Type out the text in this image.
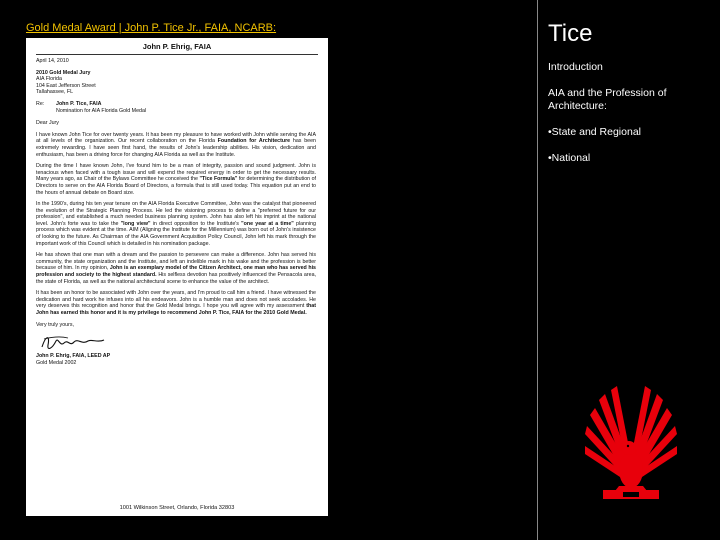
Gold Medal Award | John P. Tice Jr., FAIA, NCARB:
John P. Ehrig, FAIA

April 14, 2010

2010 Gold Medal Jury
AIA Florida
104 East Jefferson Street
Tallahassee, FL

Re:	John P. Tice, FAIA
Nomination for AIA Florida Gold Medal

Dear Jury

I have known John Tice for over twenty years. It has been my pleasure to have worked with John while serving the AIA at all levels of the organization. Our recent collaboration on the Florida Foundation for Architecture has been extremely rewarding. I have seen first hand, the results of John's leadership abilities. His vision, dedication and enthusiasm, has been a driving force for changing AIA Florida as well as the Institute.

During the time I have known John, I've found him to be a man of integrity, passion and sound judgment. John is tenacious when faced with a tough issue and will expend the required energy in order to get the necessary results. Many years ago, as Chair of the Bylaws Committee he conceived the "Tice Formula" for determining the distribution of Directors to serve on the AIA Florida Board of Directors, a formula that is still used today. This equation put an end to the hours of annual debate on Board size.

In the 1990's, during his ten year tenure on the AIA Florida Executive Committee, John was the catalyst that pioneered the evolution of the Strategic Planning Process. He led the visioning process to define a "preferred future for our profession", and established a much needed business planning system. John has also left his imprint at the national level. John's forte was to take the "long view" in direct opposition to the Institute's "one year at a time" planning process which was evident at the time. AIM (Aligning the Institute for the Millennium) was born out of John's insistence of looking to the future. As Chairman of the AIA Government Acquisition Policy Council, John left his mark through the important work of this Council which is detailed in his nomination package.

He has shown that one man with a dream and the passion to persevere can make a difference. John has served his community, the state organization and the Institute, and left an indelible mark in his wake and the profession is better because of him. In my opinion, John is an exemplary model of the Citizen Architect, one man who has served his profession and society to the highest standard. His selfless devotion has positively influenced the Pensacola area, the state of Florida, as well as the national architectural scene to enhance the value of the architect.

It has been an honor to be associated with John over the years, and I'm proud to call him a friend. I have witnessed the dedication and hard work he infuses into all his endeavors. John is a humble man and does not seek accolades. He very deserves this recognition and honor that the Gold Medal brings. I hope you will agree with my assessment that John has earned this honor and it is my privilege to recommend John P. Tice, FAIA for the 2010 Gold Medal.

Very truly yours,

John P. Ehrig, FAIA, LEED AP
Gold Medal 2002

1001 Wilkinson Street, Orlando, Florida 32803
Tice
Introduction
AIA and the Profession of Architecture:
•State and Regional
•National
